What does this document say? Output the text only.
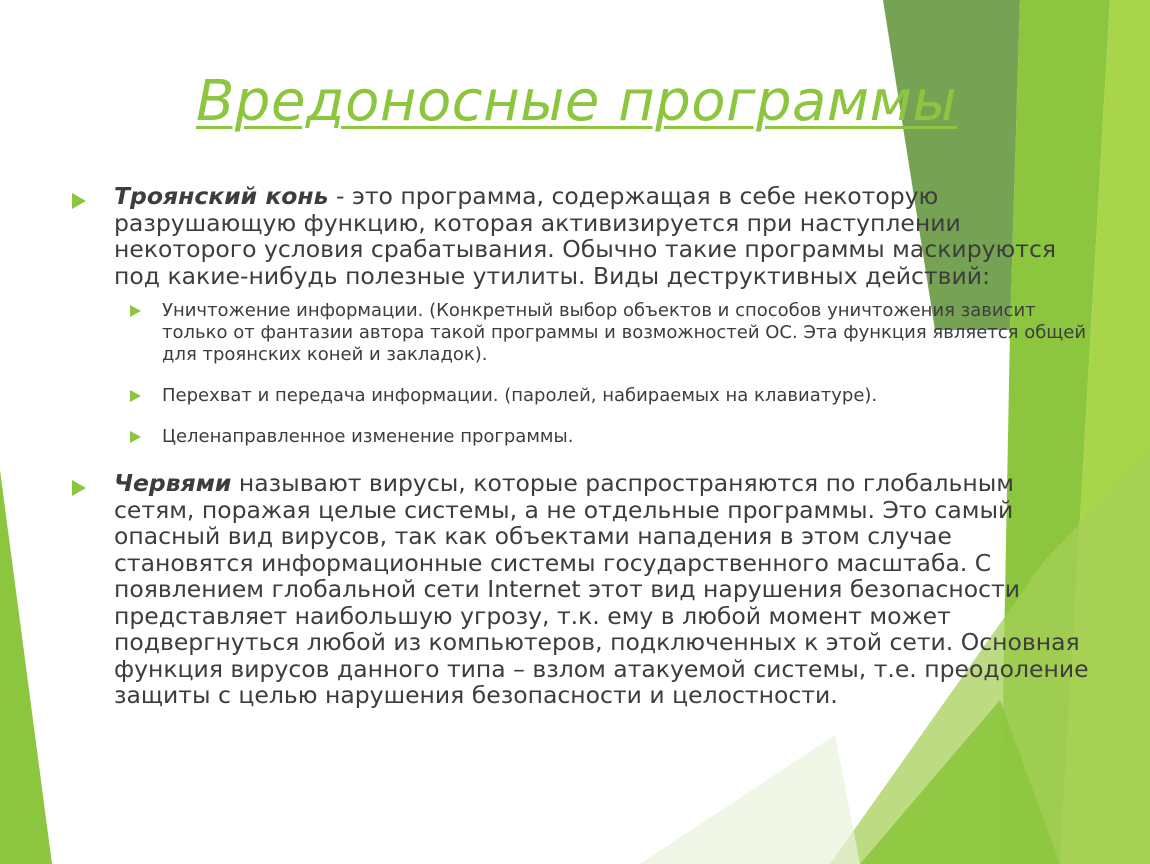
Вредоносные программы

Троянский конь - это программа, содержащая в себе некоторую разрушающую функцию, которая активизируется при наступлении некоторого условия срабатывания. Обычно такие программы маскируются под какие-нибудь полезные утилиты. Виды деструктивных действий:

Уничтожение информации. (Конкретный выбор объектов и способов уничтожения зависит только от фантазии автора такой программы и возможностей ОС. Эта функция является общей для троянских коней и закладок).

Перехват и передача информации. (паролей, набираемых на клавиатуре).

Целенаправленное изменение программы.

Червями называют вирусы, которые распространяются по глобальным сетям, поражая целые системы, а не отдельные программы. Это самый опасный вид вирусов, так как объектами нападения в этом случае становятся информационные системы государственного масштаба. С появлением глобальной сети Internet этот вид нарушения безопасности представляет наибольшую угрозу, т.к. ему в любой момент может подвергнуться любой из компьютеров, подключенных к этой сети. Основная функция вирусов данного типа – взлом атакуемой системы, т.е. преодоление защиты с целью нарушения безопасности и целостности.
